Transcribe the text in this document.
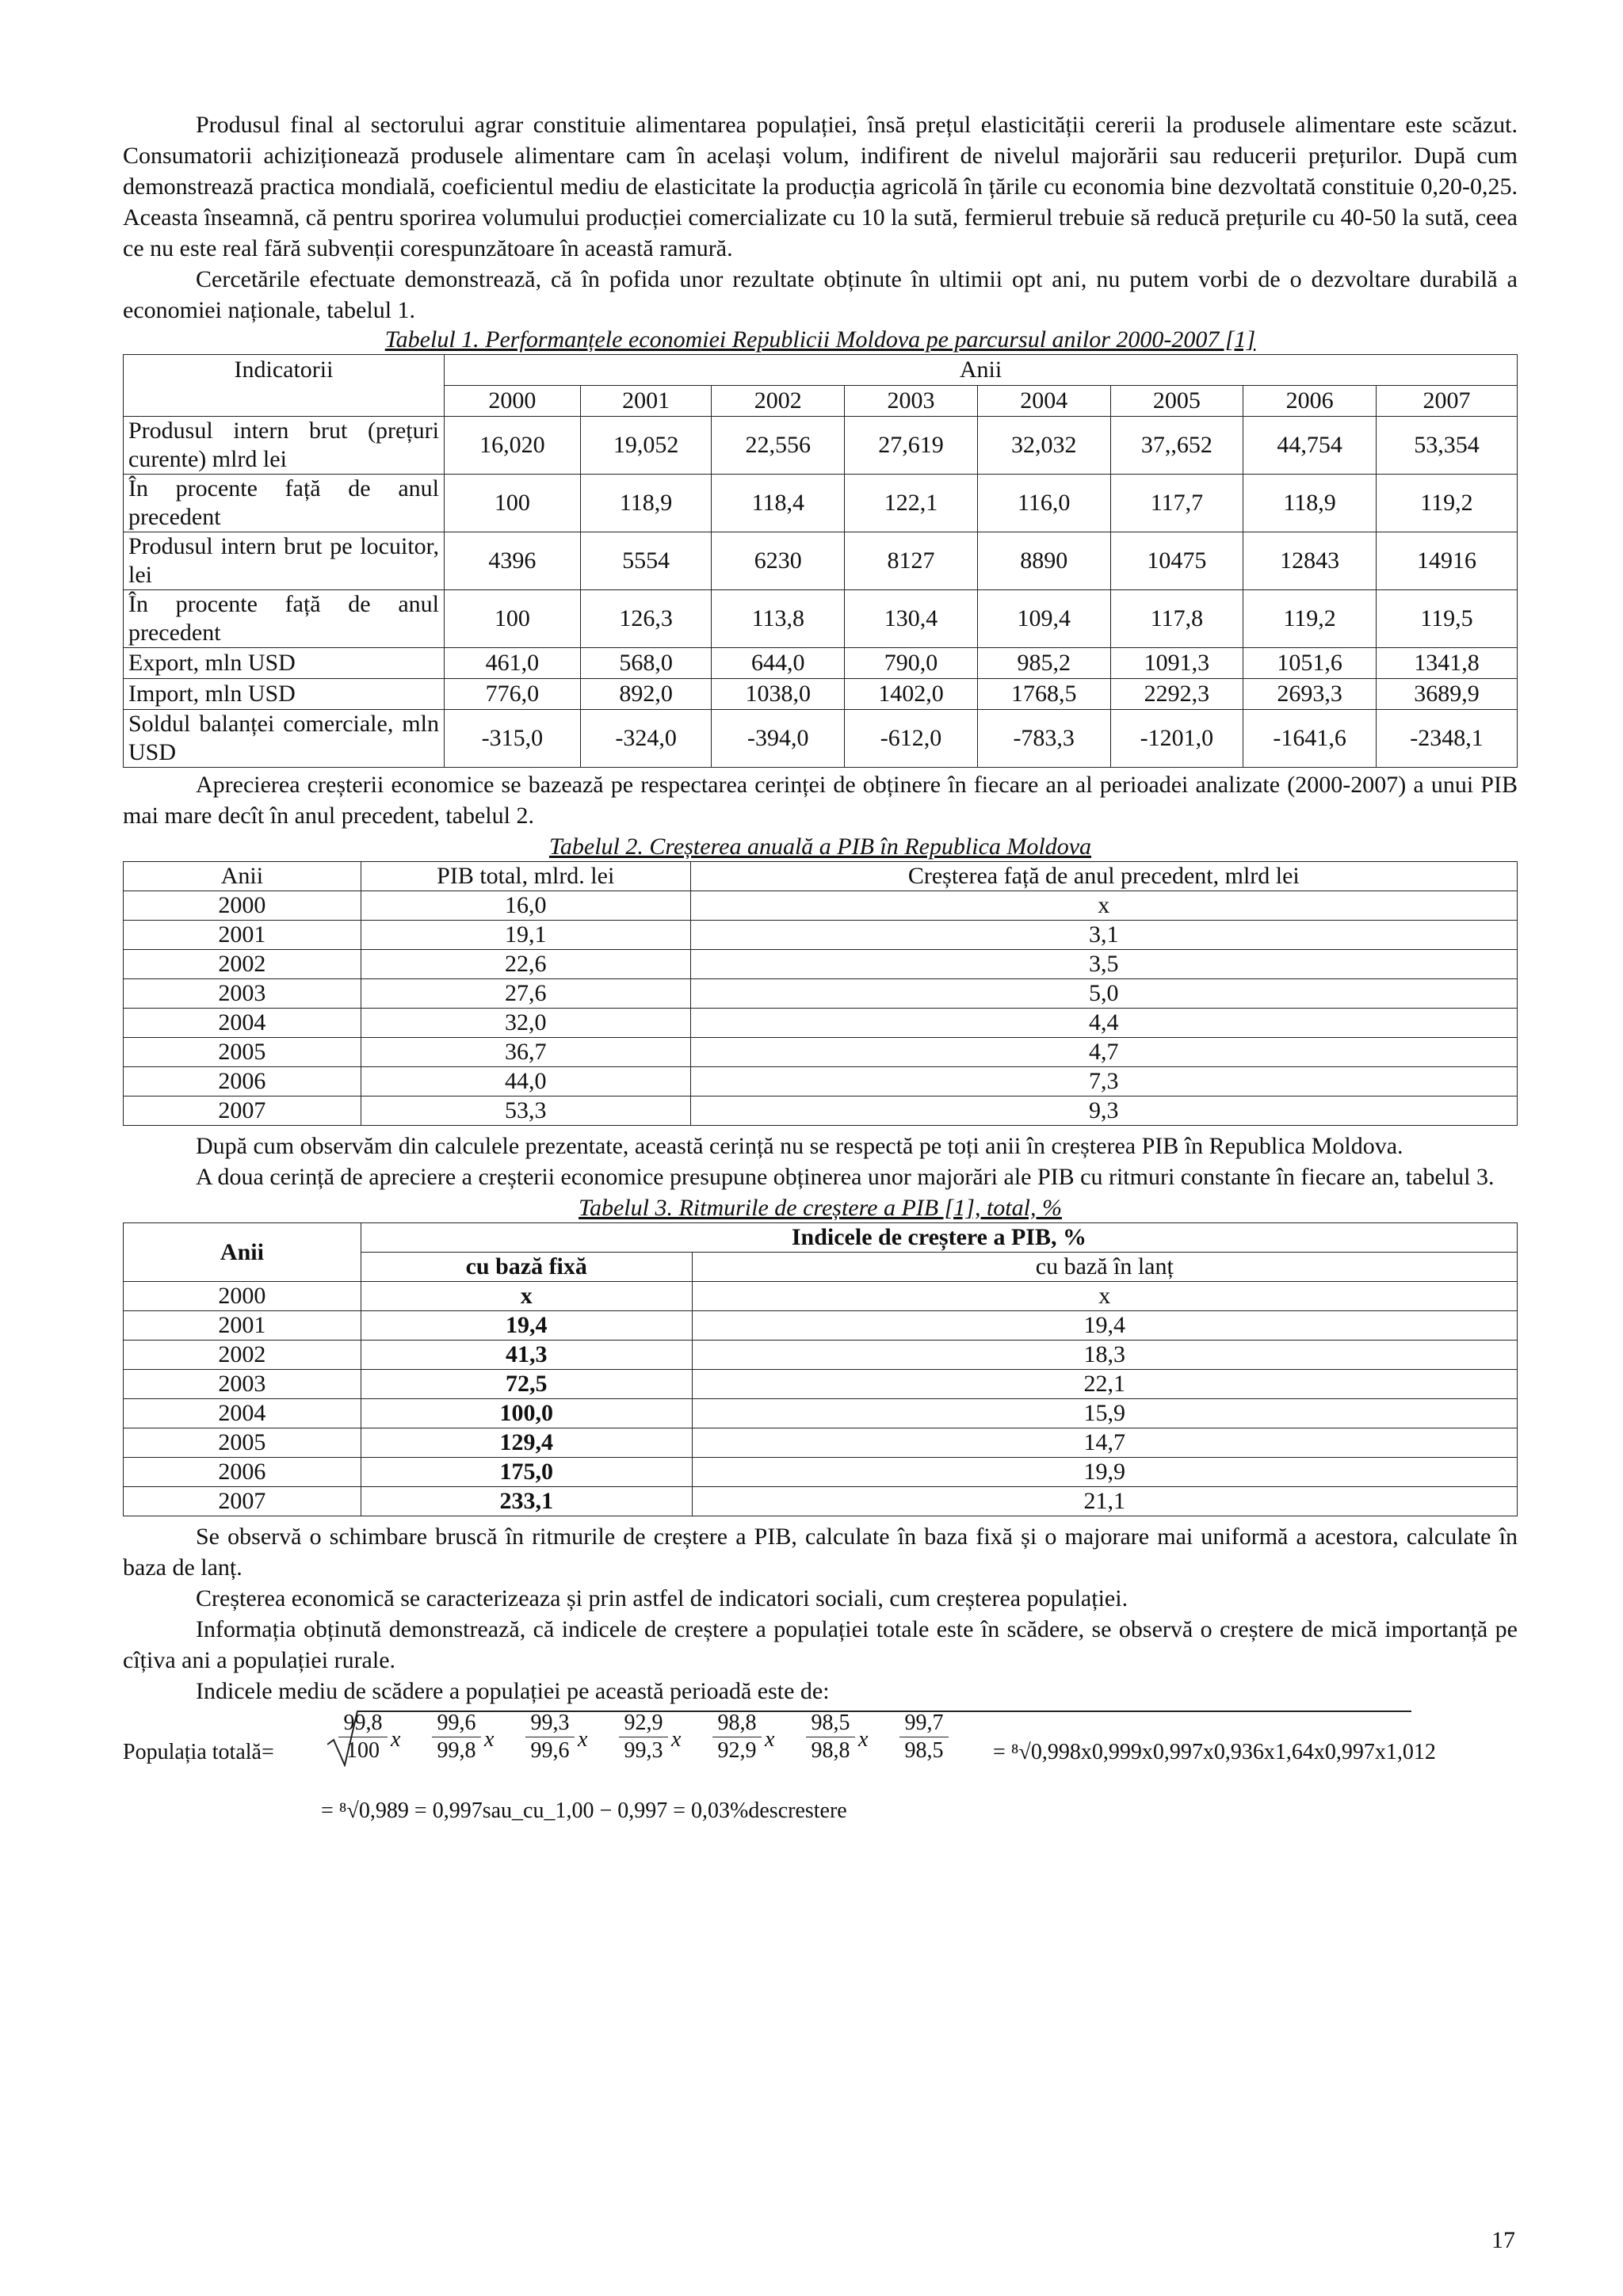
Produsul final al sectorului agrar constituie alimentarea populației, însă prețul elasticității cererii la produsele alimentare este scăzut. Consumatorii achiziționează produsele alimentare cam în același volum, indifirent de nivelul majorării sau reducerii prețurilor. După cum demonstrează practica mondială, coeficientul mediu de elasticitate la producția agricolă în țările cu economia bine dezvoltată constituie 0,20-0,25. Aceasta înseamnă, că pentru sporirea volumului producției comercializate cu 10 la sută, fermierul trebuie să reducă prețurile cu 40-50 la sută, ceea ce nu este real fără subvenții corespunzătoare în această ramură.

Cercetările efectuate demonstrează, că în pofida unor rezultate obținute în ultimii opt ani, nu putem vorbi de o dezvoltare durabilă a economiei naționale, tabelul 1.

Tabelul 1. Performanțele economiei Republicii Moldova pe parcursul anilor 2000-2007 [1]

Indicatorii	Anii							
	2000	2001	2002	2003	2004	2005	2006	2007
Produsul intern brut (prețuri curente) mlrd lei	16,020	19,052	22,556	27,619	32,032	37,,652	44,754	53,354
În procente față de anul precedent	100	118,9	118,4	122,1	116,0	117,7	118,9	119,2
Produsul intern brut pe locuitor, lei	4396	5554	6230	8127	8890	10475	12843	14916
În procente față de anul precedent	100	126,3	113,8	130,4	109,4	117,8	119,2	119,5
Export, mln USD	461,0	568,0	644,0	790,0	985,2	1091,3	1051,6	1341,8
Import, mln USD	776,0	892,0	1038,0	1402,0	1768,5	2292,3	2693,3	3689,9
Soldul balanței comerciale, mln USD	-315,0	-324,0	-394,0	-612,0	-783,3	-1201,0	-1641,6	-2348,1

Aprecierea creșterii economice se bazează pe respectarea cerinței de obținere în fiecare an al perioadei analizate (2000-2007) a unui PIB mai mare decît în anul precedent, tabelul 2.

Tabelul 2. Creșterea anuală a PIB în Republica Moldova

Anii	PIB total, mlrd. lei	Creșterea față de anul precedent, mlrd lei
2000	16,0	x
2001	19,1	3,1
2002	22,6	3,5
2003	27,6	5,0
2004	32,0	4,4
2005	36,7	4,7
2006	44,0	7,3
2007	53,3	9,3

După cum observăm din calculele prezentate, această cerință nu se respectă pe toți anii în creșterea PIB în Republica Moldova.

A doua cerință de apreciere a creșterii economice presupune obținerea unor majorări ale PIB cu ritmuri constante în fiecare an, tabelul 3.

Tabelul 3. Ritmurile de creștere a PIB [1], total, %

Anii	Indicele de creștere a PIB, %	
	cu bază fixă	cu bază în lanț
2000	x	x
2001	19,4	19,4
2002	41,3	18,3
2003	72,5	22,1
2004	100,0	15,9
2005	129,4	14,7
2006	175,0	19,9
2007	233,1	21,1

Se observă o schimbare bruscă în ritmurile de creștere a PIB, calculate în baza fixă și o majorare mai uniformă a acestora, calculate în baza de lanț.

Creșterea economică se caracterizeaza și prin astfel de indicatori sociali, cum creșterea populației.

Informația obținută demonstrează, că indicele de creștere a populației totale este în scădere, se observă o creștere de mică importanță pe cîțiva ani a populației rurale.

Indicele mediu de scădere a populației pe această perioadă este de:

Populația totală=	= ⁸√0,998x0,999x0,997x0,936x1,64x0,997x1,012
= ⁸√0,989 = 0,997sau_cu_1,00 − 0,997 = 0,03%descrestere
$\frac{99,8}{100}$ x $\frac{99,6}{99,8}$ x $\frac{99,3}{99,6}$ x $\frac{92,9}{99,3}$ x $\frac{98,8}{92,9}$ x $\frac{98,5}{98,8}$ x $\frac{99,7}{98,5}$
17
